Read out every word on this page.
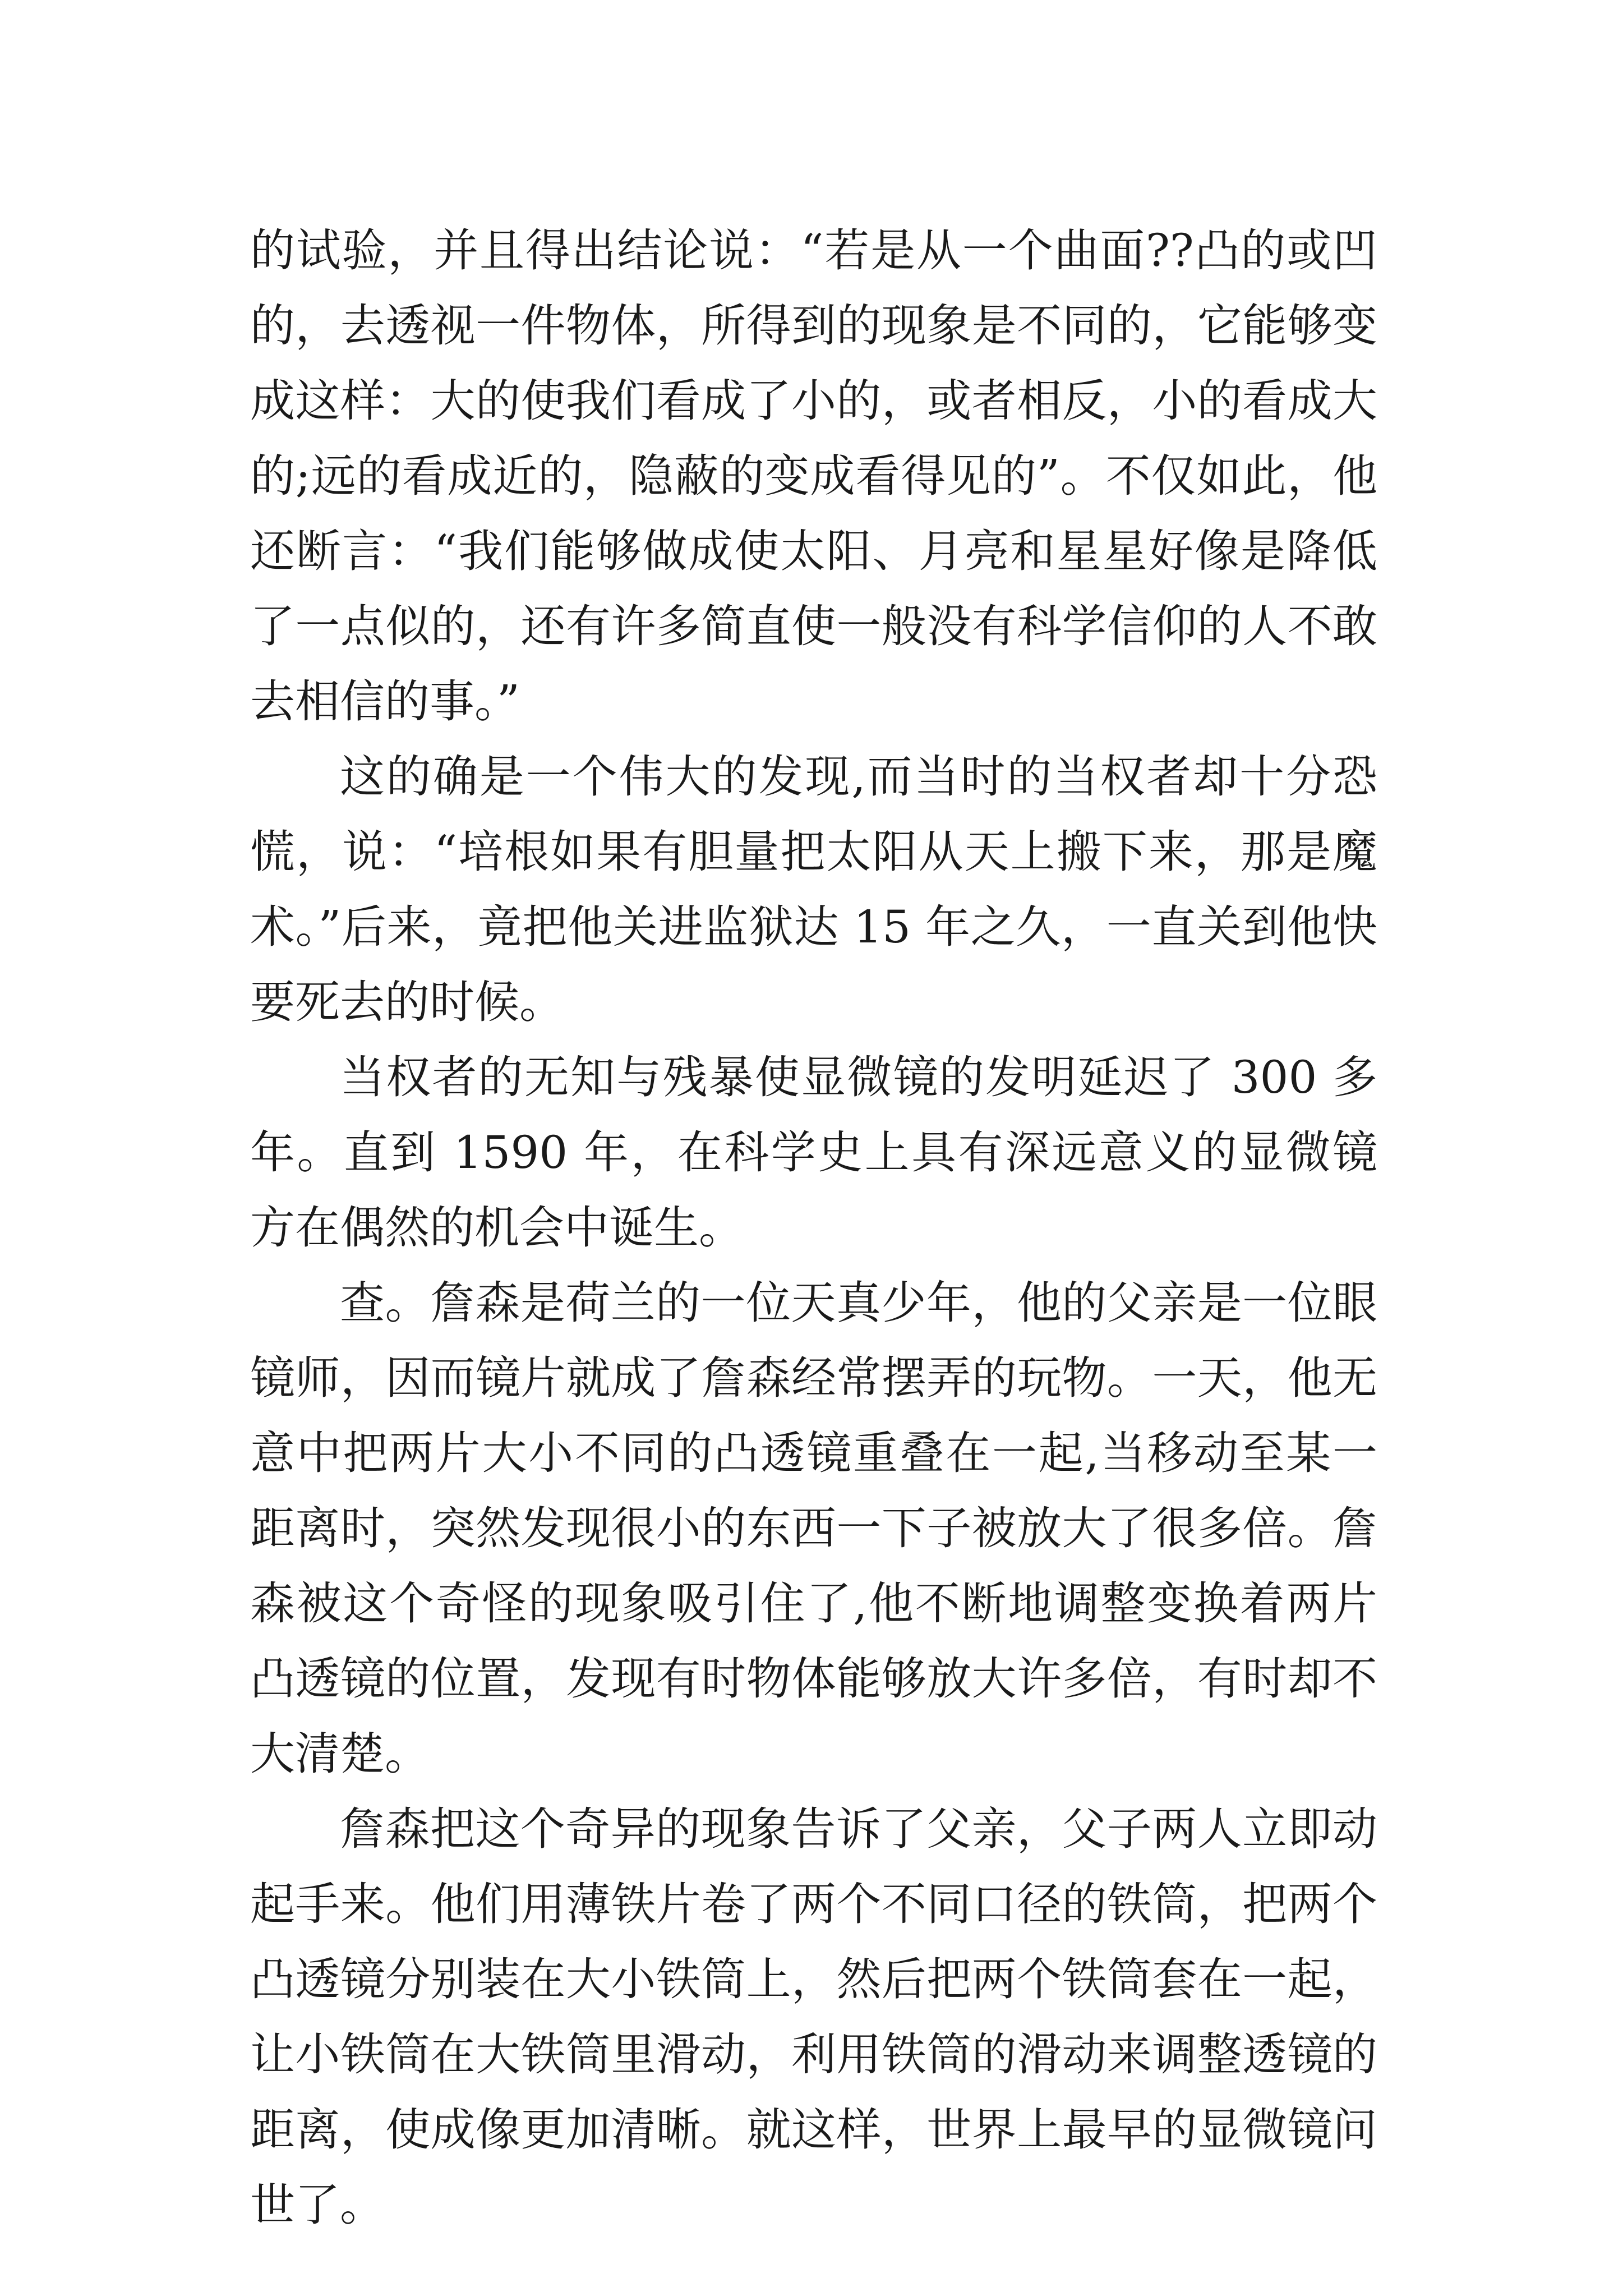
的试验，并且得出结论说：“若是从一个曲面??凸的或凹的，去透视一件物体，所得到的现象是不同的，它能够变成这样：大的使我们看成了小的，或者相反，小的看成大的;远的看成近的，隐蔽的变成看得见的”。不仅如此，他还断言：“我们能够做成使太阳、月亮和星星好像是降低了一点似的，还有许多简直使一般没有科学信仰的人不敢去相信的事。”

这的确是一个伟大的发现,而当时的当权者却十分恐慌，说：“培根如果有胆量把太阳从天上搬下来，那是魔术。”后来，竟把他关进监狱达 15 年之久，一直关到他快要死去的时候。

当权者的无知与残暴使显微镜的发明延迟了 300 多年。直到 1590 年，在科学史上具有深远意义的显微镜方在偶然的机会中诞生。

查。詹森是荷兰的一位天真少年，他的父亲是一位眼镜师，因而镜片就成了詹森经常摆弄的玩物。一天，他无意中把两片大小不同的凸透镜重叠在一起,当移动至某一距离时，突然发现很小的东西一下子被放大了很多倍。詹森被这个奇怪的现象吸引住了,他不断地调整变换着两片凸透镜的位置，发现有时物体能够放大许多倍，有时却不大清楚。

詹森把这个奇异的现象告诉了父亲，父子两人立即动起手来。他们用薄铁片卷了两个不同口径的铁筒，把两个凸透镜分别装在大小铁筒上，然后把两个铁筒套在一起，让小铁筒在大铁筒里滑动，利用铁筒的滑动来调整透镜的距离，使成像更加清晰。就这样，世界上最早的显微镜问世了。
